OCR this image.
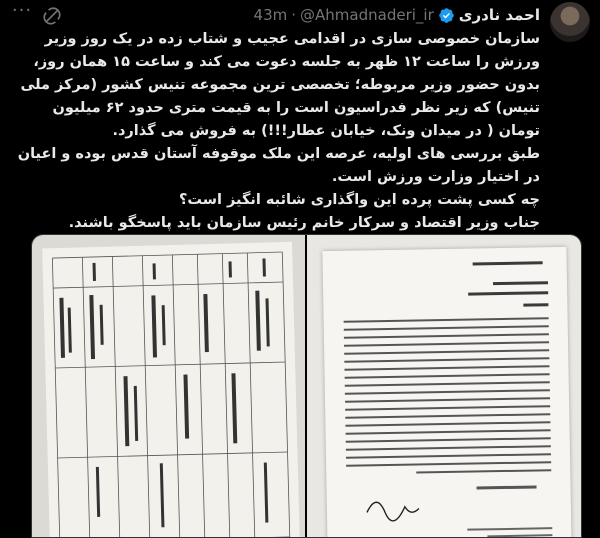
احمد نادری
@Ahmadnaderi_ir
·
43m
···

سازمان خصوصی سازی در اقدامی عجیب و شتاب زده در یک روز وزیر ورزش را ساعت ۱۲ ظهر به جلسه دعوت می کند و ساعت ۱۵ همان روز، بدون حضور وزیر مربوطه؛ تخصصی ترین مجموعه تنیس کشور (مرکز ملی تنیس) که زیر نظر فدراسیون است را به قیمت متری حدود ۶۲ میلیون تومان ( در میدان ونک، خیابان عطار!!!) به فروش می گذارد.

طبق بررسی های اولیه، عرصه این ملک موقوفه آستان قدس بوده و اعیان در اختیار وزارت ورزش است.

چه کسی پشت پرده این واگذاری شائبه انگیز است؟

جناب وزیر اقتصاد و سرکار خانم رئیس سازمان باید پاسخگو باشند.
